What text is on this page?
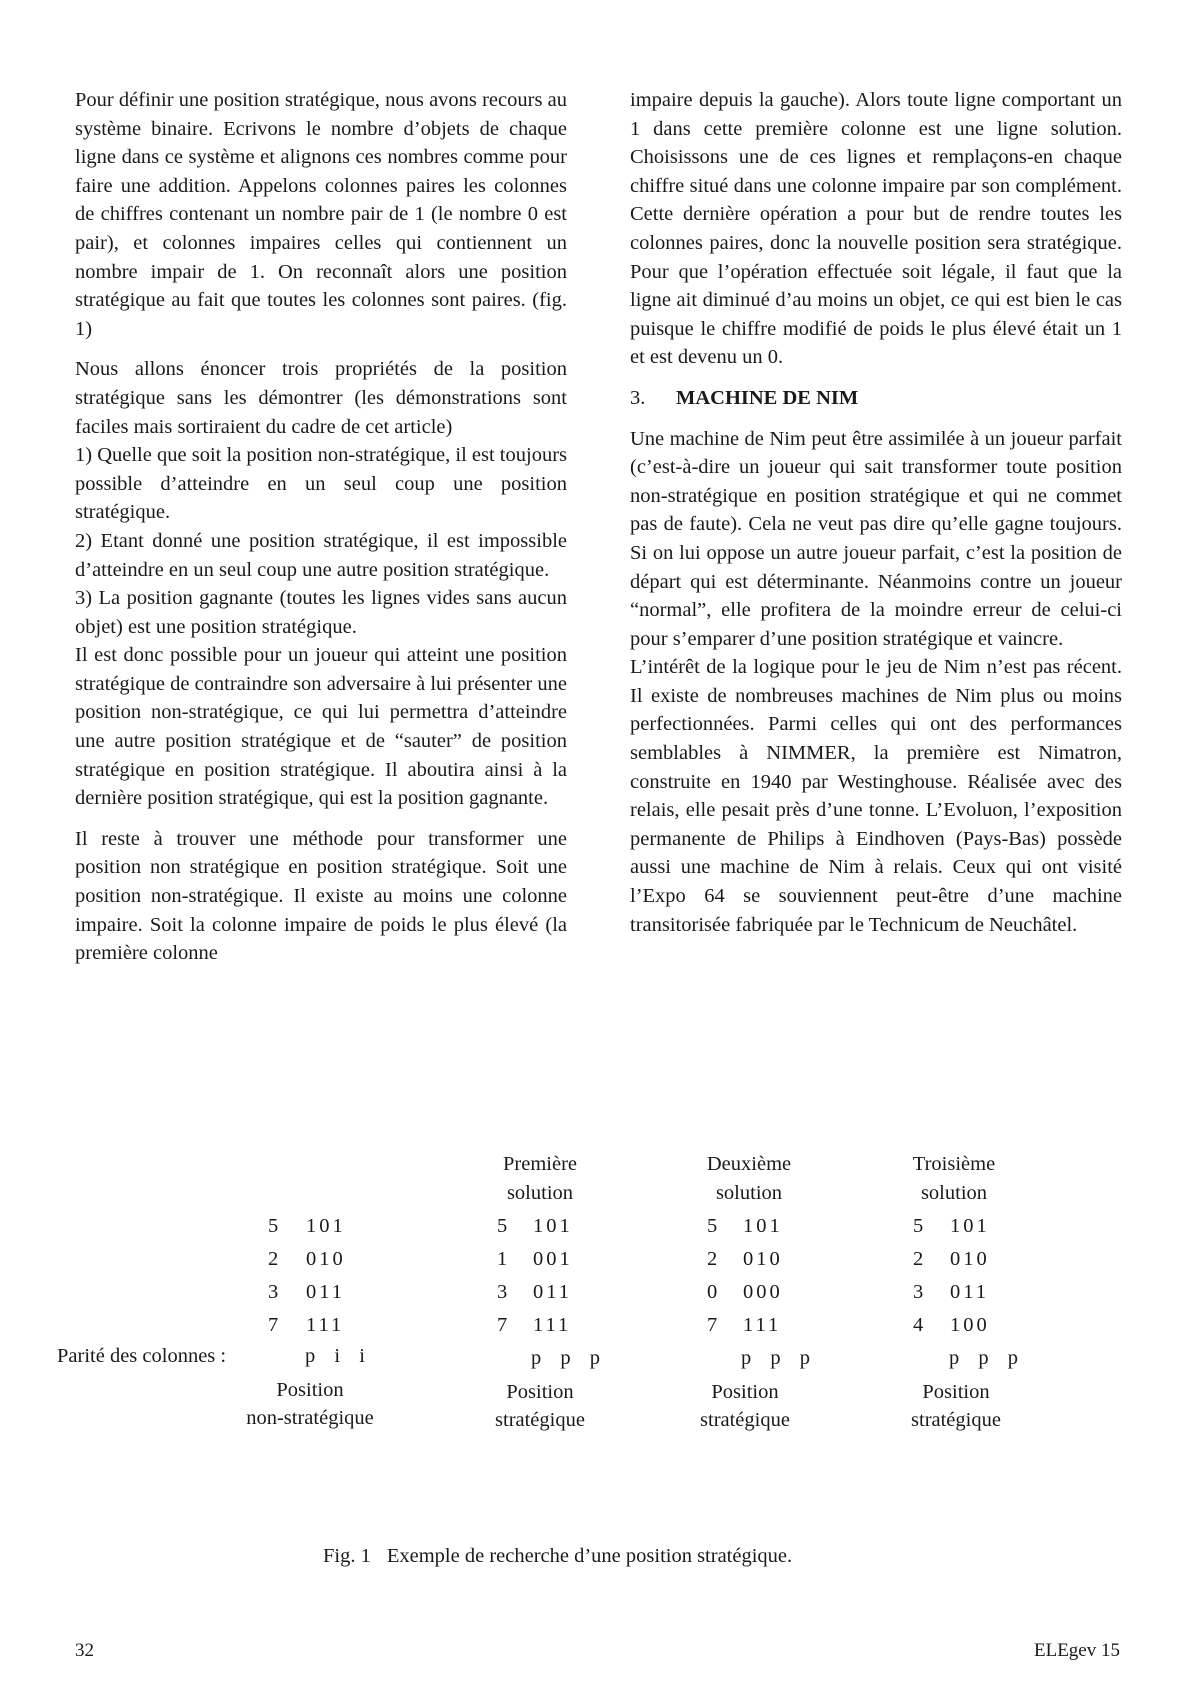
Pour définir une position stratégique, nous avons recours au système binaire. Ecrivons le nombre d’objets de chaque ligne dans ce système et alignons ces nombres comme pour faire une addition. Appelons colonnes paires les colonnes de chiffres contenant un nombre pair de 1 (le nombre 0 est pair), et colonnes impaires celles qui contiennent un nombre impair de 1. On reconnaît alors une position stratégique au fait que toutes les colonnes sont paires. (fig. 1)

Nous allons énoncer trois propriétés de la position stratégique sans les démontrer (les démonstrations sont faciles mais sortiraient du cadre de cet article)

1) Quelle que soit la position non-stratégique, il est toujours possible d’atteindre en un seul coup une position stratégique.

2) Etant donné une position stratégique, il est impossible d’atteindre en un seul coup une autre position stratégique.

3) La position gagnante (toutes les lignes vides sans aucun objet) est une position stratégique.

Il est donc possible pour un joueur qui atteint une position stratégique de contraindre son adversaire à lui présenter une position non-stratégique, ce qui lui permettra d’atteindre une autre position stratégique et de “sauter” de position stratégique en position stratégique. Il aboutira ainsi à la dernière position stratégique, qui est la position gagnante.

Il reste à trouver une méthode pour transformer une position non stratégique en position stratégique. Soit une position non-stratégique. Il existe au moins une colonne impaire. Soit la colonne impaire de poids le plus élevé (la première colonne

impaire depuis la gauche). Alors toute ligne comportant un 1 dans cette première colonne est une ligne solution. Choisissons une de ces lignes et remplaçons-en chaque chiffre situé dans une colonne impaire par son complément. Cette dernière opération a pour but de rendre toutes les colonnes paires, donc la nouvelle position sera stratégique. Pour que l’opération effectuée soit légale, il faut que la ligne ait diminué d’au moins un objet, ce qui est bien le cas puisque le chiffre modifié de poids le plus élevé était un 1 et est devenu un 0.

3. MACHINE DE NIM

Une machine de Nim peut être assimilée à un joueur parfait (c’est-à-dire un joueur qui sait transformer toute position non-stratégique en position stratégique et qui ne commet pas de faute). Cela ne veut pas dire qu’elle gagne toujours. Si on lui oppose un autre joueur parfait, c’est la position de départ qui est déterminante. Néanmoins contre un joueur “normal”, elle profitera de la moindre erreur de celui-ci pour s’emparer d’une position stratégique et vaincre.

L’intérêt de la logique pour le jeu de Nim n’est pas récent. Il existe de nombreuses machines de Nim plus ou moins perfectionnées. Parmi celles qui ont des performances semblables à NIMMER, la première est Nimatron, construite en 1940 par Westinghouse. Réalisée avec des relais, elle pesait près d’une tonne. L’Evoluon, l’exposition permanente de Philips à Eindhoven (Pays-Bas) possède aussi une machine de Nim à relais. Ceux qui ont visité l’Expo 64 se souviennent peut-être d’une machine transitorisée fabriquée par le Technicum de Neuchâtel.

Parité des colonnes :
5 101
2 010
3 011
7 111
p i i
Position
non-stratégique
Première
solution
5 101
1 001
3 011
7 111
p p p
Position
stratégique
Deuxième
solution
5 101
2 010
0 000
7 111
p p p
Position
stratégique
Troisième
solution
5 101
2 010
3 011
4 100
p p p
Position
stratégique
Fig. 1 Exemple de recherche d’une position stratégique.
32	ELEgev 15
